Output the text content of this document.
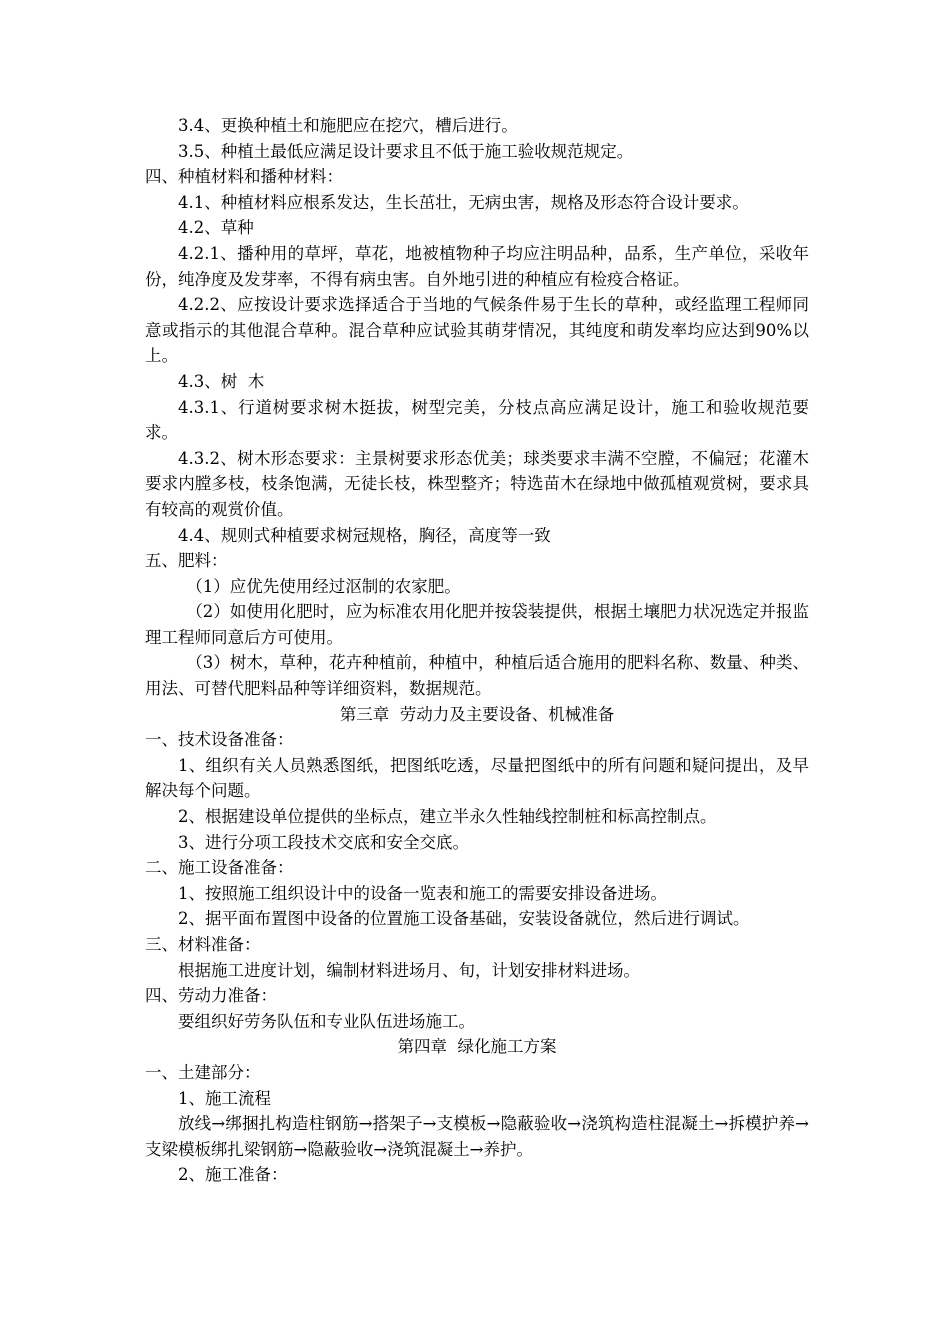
3.4、更换种植土和施肥应在挖穴，槽后进行。

3.5、种植土最低应满足设计要求且不低于施工验收规范规定。

四、种植材料和播种材料：

4.1、种植材料应根系发达，生长茁壮，无病虫害，规格及形态符合设计要求。

4.2、草种

4.2.1、播种用的草坪，草花，地被植物种子均应注明品种，品系，生产单位，采收年份，纯净度及发芽率，不得有病虫害。自外地引进的种植应有检疫合格证。

4.2.2、应按设计要求选择适合于当地的气候条件易于生长的草种，或经监理工程师同意或指示的其他混合草种。混合草种应试验其萌芽情况，其纯度和萌发率均应达到90%以上。

4.3、树  木

4.3.1、行道树要求树木挺拔，树型完美，分枝点高应满足设计，施工和验收规范要求。

4.3.2、树木形态要求：主景树要求形态优美；球类要求丰满不空膛，不偏冠；花灌木要求内膛多枝，枝条饱满，无徒长枝，株型整齐；特选苗木在绿地中做孤植观赏树，要求具有较高的观赏价值。

4.4、规则式种植要求树冠规格，胸径，高度等一致

五、肥料：

（1）应优先使用经过沤制的农家肥。

（2）如使用化肥时，应为标准农用化肥并按袋装提供，根据土壤肥力状况选定并报监理工程师同意后方可使用。

（3）树木，草种，花卉种植前，种植中，种植后适合施用的肥料名称、数量、种类、用法、可替代肥料品种等详细资料，数据规范。

第三章  劳动力及主要设备、机械准备

一、技术设备准备：

1、组织有关人员熟悉图纸，把图纸吃透，尽量把图纸中的所有问题和疑问提出，及早解决每个问题。

2、根据建设单位提供的坐标点，建立半永久性轴线控制桩和标高控制点。

3、进行分项工段技术交底和安全交底。

二、施工设备准备：

1、按照施工组织设计中的设备一览表和施工的需要安排设备进场。

2、据平面布置图中设备的位置施工设备基础，安装设备就位，然后进行调试。

三、材料准备：

根据施工进度计划，编制材料进场月、旬，计划安排材料进场。

四、劳动力准备：

要组织好劳务队伍和专业队伍进场施工。

第四章  绿化施工方案

一、土建部分：

1、施工流程

放线→绑捆扎构造柱钢筋→搭架子→支模板→隐蔽验收→浇筑构造柱混凝土→拆模护养→支梁模板绑扎梁钢筋→隐蔽验收→浇筑混凝土→养护。

2、施工准备：
